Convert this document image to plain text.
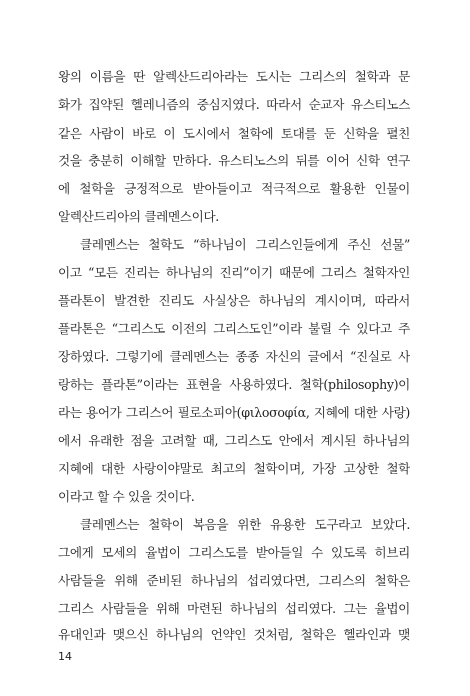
왕의 이름을 딴 알렉산드리아라는 도시는 그리스의 철학과 문
화가 집약된 헬레니즘의 중심지였다. 따라서 순교자 유스티노스
같은 사람이 바로 이 도시에서 철학에 토대를 둔 신학을 펼친
것을 충분히 이해할 만하다. 유스티노스의 뒤를 이어 신학 연구
에 철학을 긍정적으로 받아들이고 적극적으로 활용한 인물이
알렉산드리아의 클레멘스이다.
클레멘스는 철학도 “하나님이 그리스인들에게 주신 선물”
이고 “모든 진리는 하나님의 진리”이기 때문에 그리스 철학자인
플라톤이 발견한 진리도 사실상은 하나님의 계시이며, 따라서
플라톤은 “그리스도 이전의 그리스도인”이라 불릴 수 있다고 주
장하였다. 그렇기에 클레멘스는 종종 자신의 글에서 “진실로 사
랑하는 플라톤”이라는 표현을 사용하였다. 철학(philosophy)이
라는 용어가 그리스어 필로소피아(φιλοσοφία, 지혜에 대한 사랑)
에서 유래한 점을 고려할 때, 그리스도 안에서 계시된 하나님의
지혜에 대한 사랑이야말로 최고의 철학이며, 가장 고상한 철학
이라고 할 수 있을 것이다.
클레멘스는 철학이 복음을 위한 유용한 도구라고 보았다.
그에게 모세의 율법이 그리스도를 받아들일 수 있도록 히브리
사람들을 위해 준비된 하나님의 섭리였다면, 그리스의 철학은
그리스 사람들을 위해 마련된 하나님의 섭리였다. 그는 율법이
유대인과 맺으신 하나님의 언약인 것처럼, 철학은 헬라인과 맺
14
